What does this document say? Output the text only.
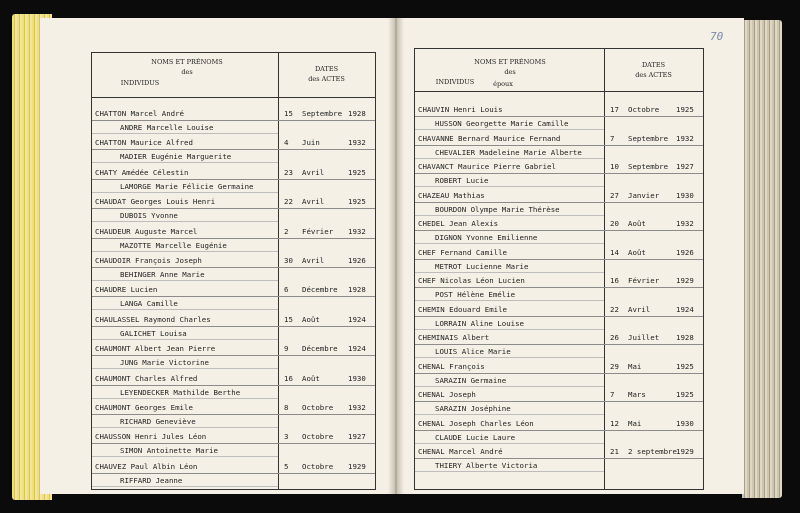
70
NOMS ET PRÉNOMS
des
INDIVIDUS
DATES
des ACTES
CHATTON Marcel André
ANDRE Marcelle Louise
15 Septembre 1928
CHATTON Maurice Alfred
MADIER Eugénie Marguerite
4 Juin	1932
CHATY Amédée Célestin
LAMORGE Marie Félicie Germaine
23 Avril	1925
CHAUDAT Georges Louis Henri
DUBOIS Yvonne
22 Avril	1925
CHAUDEUR Auguste Marcel
MAZOTTE Marcelle Eugénie
2 Février 1932
CHAUDOIR François Joseph
BEHINGER Anne Marie
30 Avril	1926
CHAUDRE Lucien
LANGA Camille
6 Décembre 1928
CHAULASSEL Raymond Charles
GALICHET Louisa
15 Août	1924
CHAUMONT Albert Jean Pierre
JUNG Marie Victorine
9 Décembre 1924
CHAUMONT Charles Alfred
LEYENDECKER Mathilde Berthe
16 Août	1930
CHAUMONT Georges Emile
RICHARD Geneviève
8 Octobre 1932
CHAUSSON Henri Jules Léon
SIMON Antoinette Marie
3 Octobre 1927
CHAUVEZ Paul Albin Léon
RIFFARD Jeanne
5 Octobre 1929
NOMS ET PRÉNOMS
des
INDIVIDUS	époux
DATES
des ACTES
CHAUVIN Henri Louis
HUSSON Georgette Marie Camille
17 Octobre 1925
CHAVANNE Bernard Maurice Fernand
CHEVALIER Madeleine Marie Alberte
7 Septembre 1932
CHAVANCT Maurice Pierre Gabriel
ROBERT Lucie
10 Septembre 1927
CHAZEAU Mathias
BOURDON Olympe Marie Thérèse
27 Janvier 1930
CHEDEL Jean Alexis
DIGNON Yvonne Emilienne
20 Août	1932
CHEF Fernand Camille
METROT Lucienne Marie
14 Août	1926
CHEF Nicolas Léon Lucien
POST Hélène Emélie
16 Février 1929
CHEMIN Edouard Emile
LORRAIN Aline Louise
22 Avril	1924
CHEMINAIS Albert
LOUIS Alice Marie
26 Juillet 1928
CHENAL François
SARAZIN Germaine
29 Mai	1925
CHENAL Joseph
SARAZIN Joséphine
7 Mars	1925
CHENAL Joseph Charles Léon
CLAUDE Lucie Laure
12 Mai	1930
CHENAL Marcel André
THIERY Alberte Victoria
21 2 septembre 1929
